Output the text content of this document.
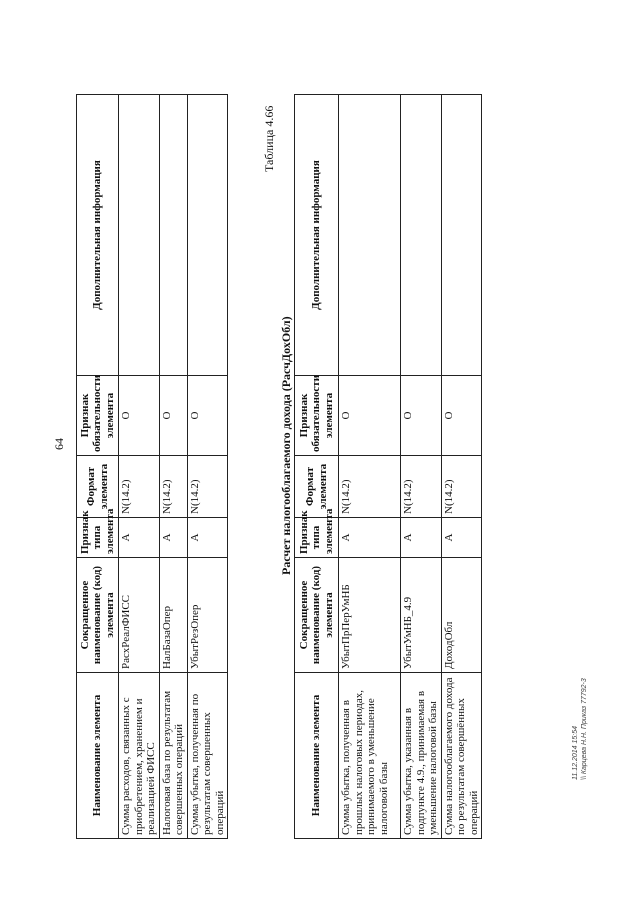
64
Наименование элемента	Сокращенное наименование (код) элемента	Признак типа элемента	Формат элемента	Признак обязательности элемента	Дополнительная информация
Сумма расходов, связанных с приобретением, хранением и реализацией ФИСС	РасхРеалФИСС	А	N(14.2)	О	
Налоговая база по результатам совершенных операций	НалБазаОпер	А	N(14.2)	О	
Сумма убытка, полученная по результатам совершенных операций	УбытРезОпер	А	N(14.2)	О	
Таблица 4.66
Расчет налогооблагаемого дохода (РасчДохОбл)
Наименование элемента	Сокращенное наименование (код) элемента	Признак типа элемента	Формат элемента	Признак обязательности элемента	Дополнительная информация
Сумма убытка, полученная в прошлых налоговых периодах, принимаемого в уменьшение налоговой базы	УбытПрПерУмНБ	А	N(14.2)	О	
Сумма убытка, указанная в подпункте 4.9., принимаемая в уменьшение налоговой базы	УбытУмНБ_4.9	А	N(14.2)	О	
Сумма налогооблагаемого дохода по результатам совершённых операций	ДоходОбл	А	N(14.2)	О	
11.12.2014 15:54 \\ Карцева Н.Н. Приказ 77792-3
